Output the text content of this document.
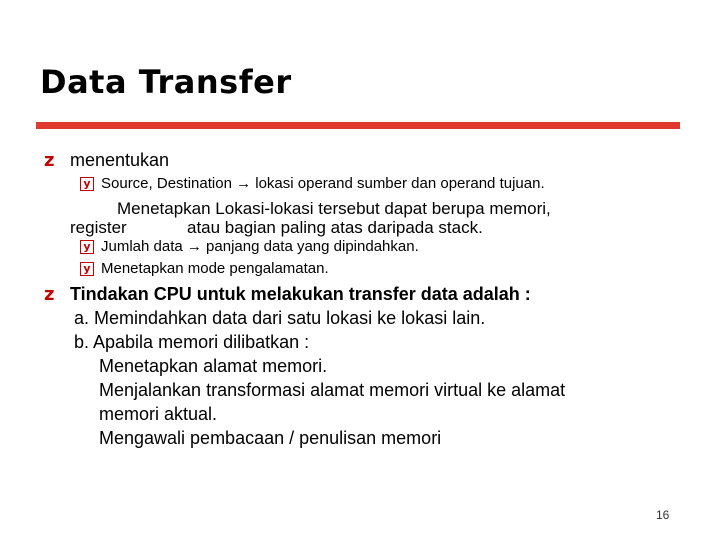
Data Transfer
z menentukan
y Source, Destination → lokasi operand sumber dan operand tujuan.
Menetapkan Lokasi-lokasi tersebut dapat berupa memori,
register	atau bagian paling atas daripada stack.
y Jumlah data → panjang data yang dipindahkan.
y Menetapkan mode pengalamatan.
z Tindakan CPU untuk melakukan transfer data adalah :
a. Memindahkan data dari satu lokasi ke lokasi lain.
b. Apabila memori dilibatkan :
Menetapkan alamat memori.
Menjalankan transformasi alamat memori virtual ke alamat
memori aktual.
Mengawali pembacaan / penulisan memori
16
